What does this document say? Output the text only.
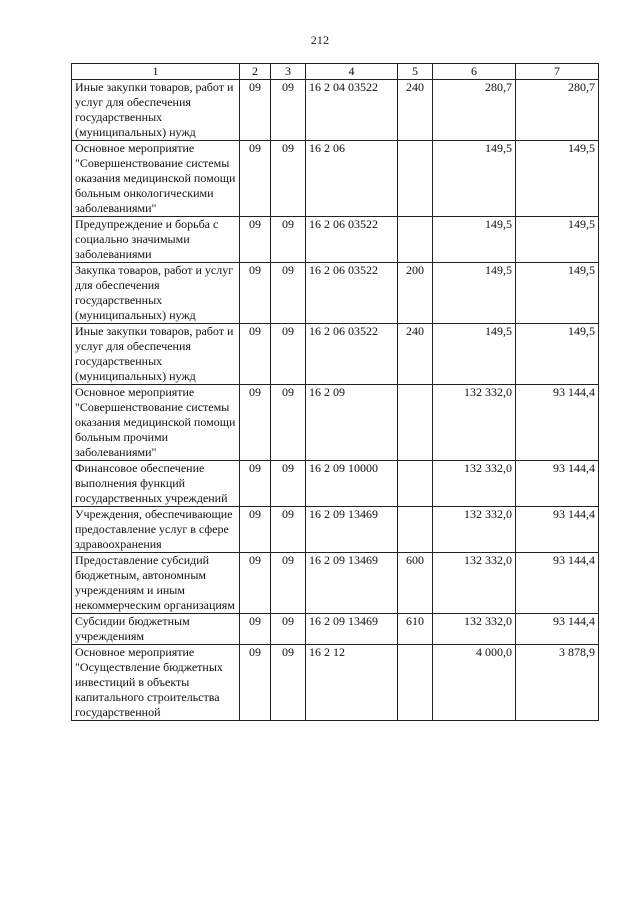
212
1	2	3	4	5	6	7
Иные закупки товаров, работ и услуг для обеспечения государственных (муниципальных) нужд	09	09	16 2 04 03522	240	280,7	280,7
Основное мероприятие "Совершенствование системы оказания медицинской помощи больным онкологическими заболеваниями"	09	09	16 2 06		149,5	149,5
Предупреждение и борьба с социально значимыми заболеваниями	09	09	16 2 06 03522		149,5	149,5
Закупка товаров, работ и услуг для обеспечения государственных (муниципальных) нужд	09	09	16 2 06 03522	200	149,5	149,5
Иные закупки товаров, работ и услуг для обеспечения государственных (муниципальных) нужд	09	09	16 2 06 03522	240	149,5	149,5
Основное мероприятие "Совершенствование системы оказания медицинской помощи больным прочими заболеваниями"	09	09	16 2 09		132 332,0	93 144,4
Финансовое обеспечение выполнения функций государственных учреждений	09	09	16 2 09 10000		132 332,0	93 144,4
Учреждения, обеспечивающие предоставление услуг в сфере здравоохранения	09	09	16 2 09 13469		132 332,0	93 144,4
Предоставление субсидий бюджетным, автономным учреждениям и иным некоммерческим организациям	09	09	16 2 09 13469	600	132 332,0	93 144,4
Субсидии бюджетным учреждениям	09	09	16 2 09 13469	610	132 332,0	93 144,4
Основное мероприятие "Осуществление бюджетных инвестиций в объекты капитального строительства государственной	09	09	16 2 12		4 000,0	3 878,9
